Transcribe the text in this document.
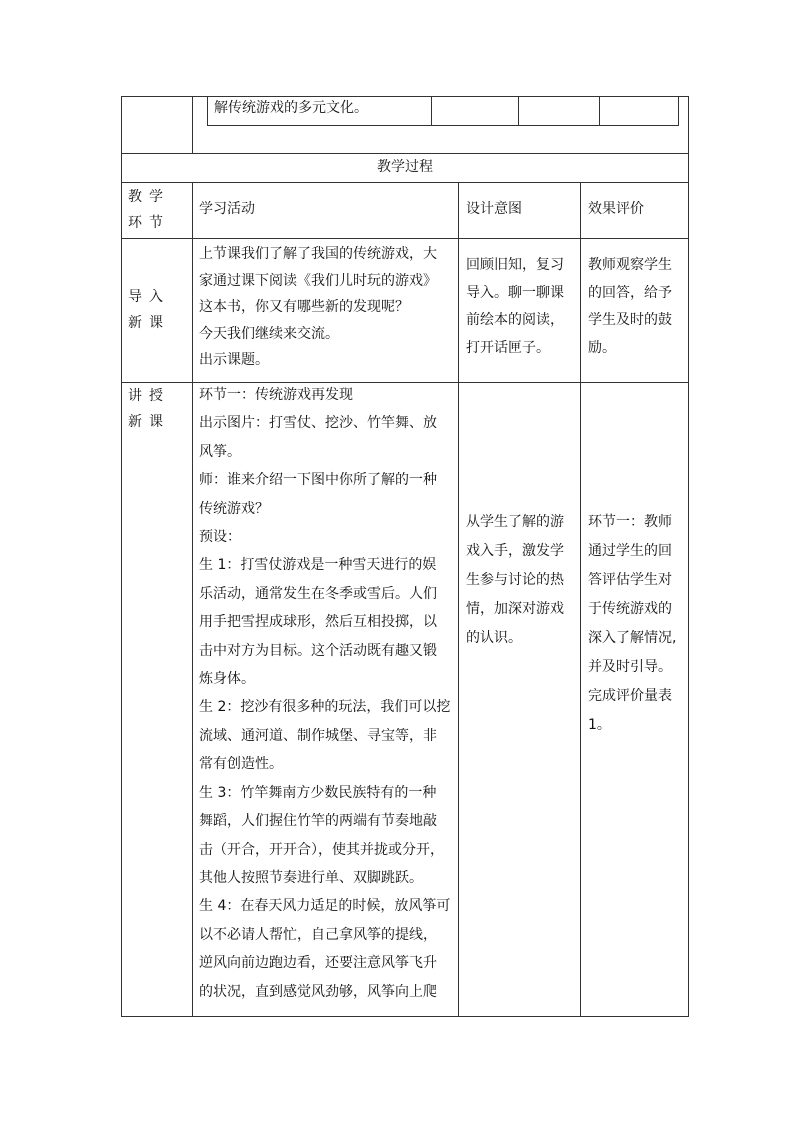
解传统游戏的多元文化。
教学过程
教学环节
学习活动	设计意图	效果评价
导入新课
上节课我们了解了我国的传统游戏，大
家通过课下阅读《我们儿时玩的游戏》
这本书，你又有哪些新的发现呢？
今天我们继续来交流。
出示课题。
回顾旧知，复习
导入。聊一聊课
前绘本的阅读，
打开话匣子。
教师观察学生
的回答，给予
学生及时的鼓
励。
讲授新课
环节一：传统游戏再发现
出示图片：打雪仗、挖沙、竹竿舞、放
风筝。
师：谁来介绍一下图中你所了解的一种
传统游戏？
预设：
生 1：打雪仗游戏是一种雪天进行的娱
乐活动，通常发生在冬季或雪后。人们
用手把雪捏成球形，然后互相投掷，以
击中对方为目标。这个活动既有趣又锻
炼身体。
生 2：挖沙有很多种的玩法，我们可以挖
流域、通河道、制作城堡、寻宝等，非
常有创造性。
生 3：竹竿舞南方少数民族特有的一种
舞蹈，人们握住竹竿的两端有节奏地敲
击（开合，开开合），使其并拢或分开，
其他人按照节奏进行单、双脚跳跃。
生 4：在春天风力适足的时候，放风筝可
以不必请人帮忙，自己拿风筝的提线，
逆风向前边跑边看，还要注意风筝飞升
的状况，直到感觉风劲够，风筝向上爬
从学生了解的游
戏入手，激发学
生参与讨论的热
情，加深对游戏
的认识。
环节一：教师
通过学生的回
答评估学生对
于传统游戏的
深入了解情况,
并及时引导。
完成评价量表
1。
